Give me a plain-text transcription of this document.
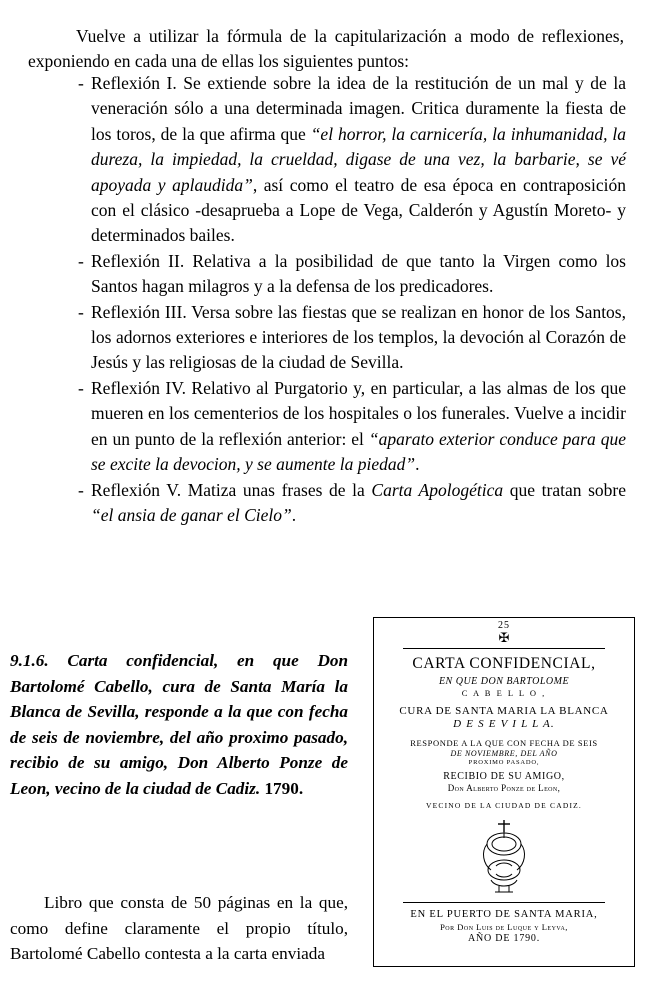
Vuelve a utilizar la fórmula de la capitularización a modo de reflexiones, exponiendo en cada una de ellas los siguientes puntos:

- Reflexión I. Se extiende sobre la idea de la restitución de un mal y de la veneración sólo a una determinada imagen. Critica duramente la fiesta de los toros, de la que afirma que “el horror, la carnicería, la inhumanidad, la dureza, la impiedad, la crueldad, digase de una vez, la barbarie, se vé apoyada y aplaudida”, así como el teatro de esa época en contraposición con el clásico -desaprueba a Lope de Vega, Calderón y Agustín Moreto- y determinados bailes.
- Reflexión II. Relativa a la posibilidad de que tanto la Virgen como los Santos hagan milagros y a la defensa de los predicadores.
- Reflexión III. Versa sobre las fiestas que se realizan en honor de los Santos, los adornos exteriores e interiores de los templos, la devoción al Corazón de Jesús y las religiosas de la ciudad de Sevilla.
- Reflexión IV. Relativo al Purgatorio y, en particular, a las almas de los que mueren en los cementerios de los hospitales o los funerales. Vuelve a incidir en un punto de la reflexión anterior: el “aparato exterior conduce para que se excite la devocion, y se aumente la piedad”.
- Reflexión V. Matiza unas frases de la Carta Apologética que tratan sobre “el ansia de ganar el Cielo”.
9.1.6. Carta confidencial, en que Don Bartolomé Cabello, cura de Santa María la Blanca de Sevilla, responde a la que con fecha de seis de noviembre, del año proximo pasado, recibio de su amigo, Don Alberto Ponze de Leon, vecino de la ciudad de Cadiz. 1790.

Libro que consta de 50 páginas en la que, como define claramente el propio título, Bartolomé Cabello contesta a la carta enviada

25
✠
CARTA CONFIDENCIAL,
EN QUE DON BARTOLOME
C A B E L L O ,
CURA DE SANTA MARIA LA BLANCA
D E S E V I L L A.
RESPONDE A LA QUE CON FECHA DE SEIS
DE NOVIEMBRE, DEL AÑO
PROXIMO PASADO,
RECIBIO DE SU AMIGO,
Don Alberto Ponze de Leon,
VECINO DE LA CIUDAD DE CADIZ.
EN EL PUERTO DE SANTA MARIA,
Por Don Luis de Luque y Leyva,
AÑO DE 1790.
